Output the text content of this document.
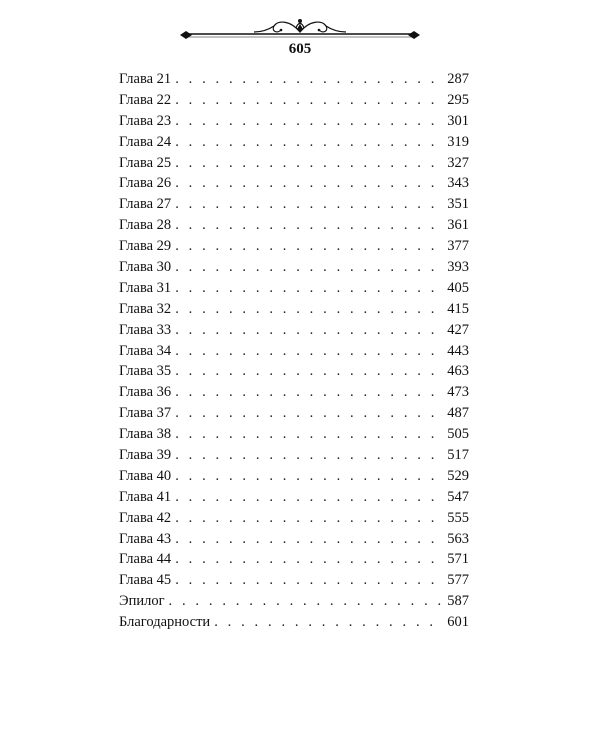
605
Глава 21 . . .	287
Глава 22 . . .	295
Глава 23 . . .	301
Глава 24 . . .	319
Глава 25 . . .	327
Глава 26 . . .	343
Глава 27 . . .	351
Глава 28 . . .	361
Глава 29 . . .	377
Глава 30 . . .	393
Глава 31 . . .	405
Глава 32 . . .	415
Глава 33 . . .	427
Глава 34 . . .	443
Глава 35 . . .	463
Глава 36 . . .	473
Глава 37 . . .	487
Глава 38 . . .	505
Глава 39 . . .	517
Глава 40 . . .	529
Глава 41 . . .	547
Глава 42 . . .	555
Глава 43 . . .	563
Глава 44 . . .	571
Глава 45 . . .	577
Эпилог . . .	587
Благодарности . . .	601
